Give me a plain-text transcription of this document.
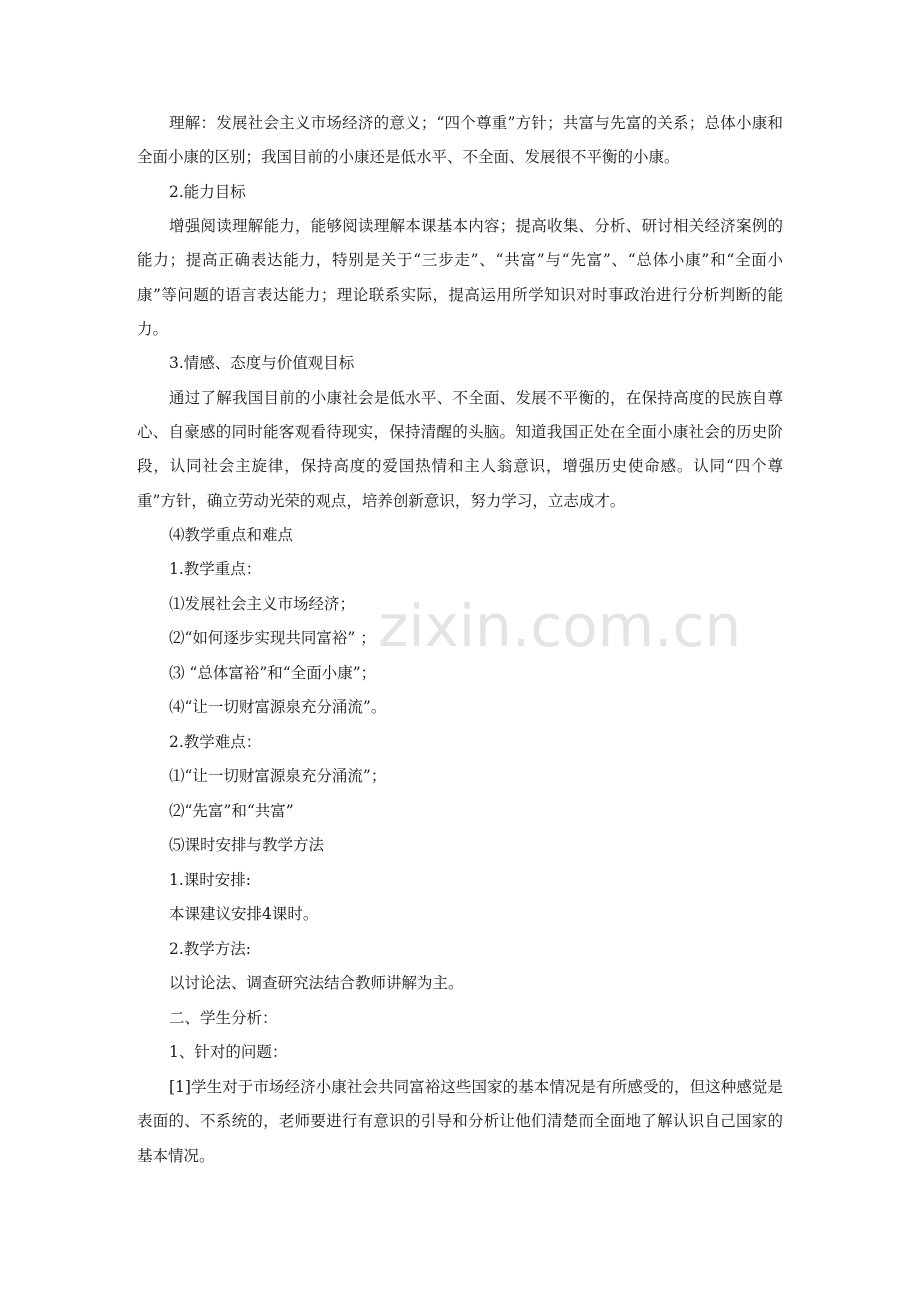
zixin.com.cn
理解：发展社会主义市场经济的意义；“四个尊重”方针；共富与先富的关系；总体小康和全面小康的区别；我国目前的小康还是低水平、不全面、发展很不平衡的小康。
2.能力目标
增强阅读理解能力，能够阅读理解本课基本内容；提高收集、分析、研讨相关经济案例的能力；提高正确表达能力，特别是关于“三步走”、“共富”与“先富”、“总体小康”和“全面小康”等问题的语言表达能力；理论联系实际，提高运用所学知识对时事政治进行分析判断的能力。
3.情感、态度与价值观目标
通过了解我国目前的小康社会是低水平、不全面、发展不平衡的，在保持高度的民族自尊心、自豪感的同时能客观看待现实，保持清醒的头脑。知道我国正处在全面小康社会的历史阶段，认同社会主旋律，保持高度的爱国热情和主人翁意识，增强历史使命感。认同“四个尊重”方针，确立劳动光荣的观点，培养创新意识，努力学习，立志成才。
⑷教学重点和难点
1.教学重点：
⑴发展社会主义市场经济；
⑵“如何逐步实现共同富裕” ；
⑶ “总体富裕”和“全面小康”；
⑷“让一切财富源泉充分涌流”。
2.教学难点：
⑴“让一切财富源泉充分涌流”；
⑵“先富”和“共富”
⑸课时安排与教学方法
1.课时安排:
本课建议安排4课时。
2.教学方法:
以讨论法、调查研究法结合教师讲解为主。
二、学生分析：
1、针对的问题：
[1]学生对于市场经济小康社会共同富裕这些国家的基本情况是有所感受的，但这种感觉是表面的、不系统的，老师要进行有意识的引导和分析让他们清楚而全面地了解认识自己国家的基本情况。
